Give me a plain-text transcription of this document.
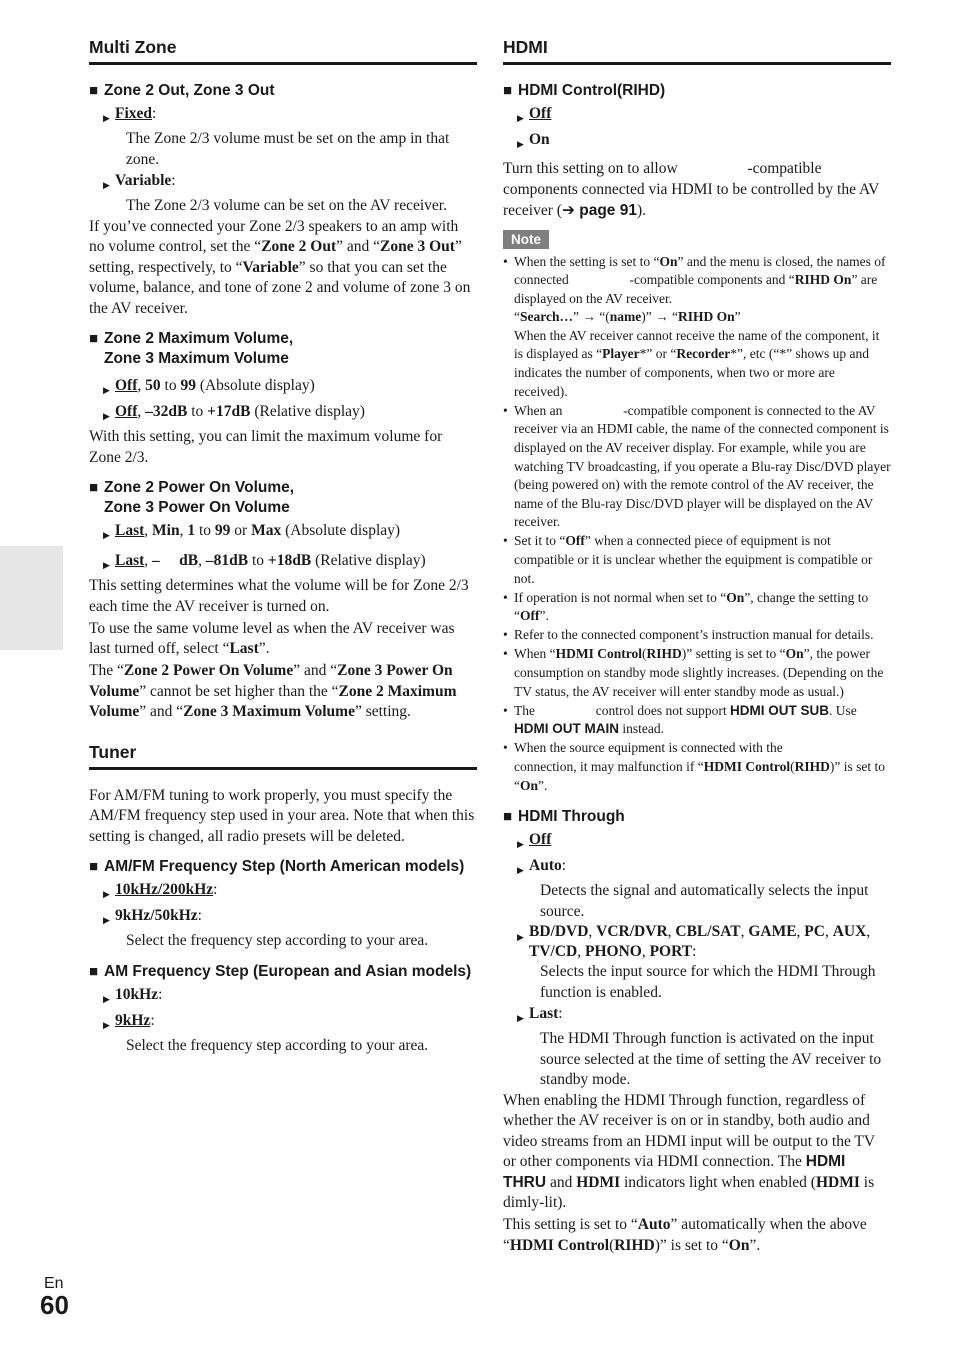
Multi Zone
■ Zone 2 Out, Zone 3 Out
▶ Fixed:
The Zone 2/3 volume must be set on the amp in that zone.
▶ Variable:
The Zone 2/3 volume can be set on the AV receiver.

If you’ve connected your Zone 2/3 speakers to an amp with no volume control, set the “Zone 2 Out” and “Zone 3 Out” setting, respectively, to “Variable” so that you can set the volume, balance, and tone of zone 2 and volume of zone 3 on the AV receiver.

■ Zone 2 Maximum Volume,
Zone 3 Maximum Volume
▶ Off, 50 to 99 (Absolute display)
▶ Off, –32dB to +17dB (Relative display)

With this setting, you can limit the maximum volume for Zone 2/3.

■ Zone 2 Power On Volume,
Zone 3 Power On Volume
▶ Last, Min, 1 to 99 or Max (Absolute display)
▶ Last, –     dB, –81dB to +18dB (Relative display)

This setting determines what the volume will be for Zone 2/3 each time the AV receiver is turned on.

To use the same volume level as when the AV receiver was last turned off, select “Last”.

The “Zone 2 Power On Volume” and “Zone 3 Power On Volume” cannot be set higher than the “Zone 2 Maximum Volume” and “Zone 3 Maximum Volume” setting.

Tuner

For AM/FM tuning to work properly, you must specify the AM/FM frequency step used in your area. Note that when this setting is changed, all radio presets will be deleted.

■ AM/FM Frequency Step (North American models)
▶ 10kHz/200kHz:
▶ 9kHz/50kHz:
Select the frequency step according to your area.
■ AM Frequency Step (European and Asian models)
▶ 10kHz:
▶ 9kHz:
Select the frequency step according to your area.
HDMI
■ HDMI Control(RIHD)
▶ Off
▶ On

Turn this setting on to allow                  -compatible components connected via HDMI to be controlled by the AV receiver (➔ page 91).

Note
• When the setting is set to “On” and the menu is closed, the names of connected                  -compatible components and “RIHD On” are displayed on the AV receiver.
“Search…” → “(name)” → “RIHD On”
When the AV receiver cannot receive the name of the component, it is displayed as “Player*” or “Recorder*”, etc (“*” shows up and indicates the number of components, when two or more are received).
• When an                  -compatible component is connected to the AV receiver via an HDMI cable, the name of the connected component is displayed on the AV receiver display. For example, while you are watching TV broadcasting, if you operate a Blu-ray Disc/DVD player (being powered on) with the remote control of the AV receiver, the name of the Blu-ray Disc/DVD player will be displayed on the AV receiver.
• Set it to “Off” when a connected piece of equipment is not compatible or it is unclear whether the equipment is compatible or not.
• If operation is not normal when set to “On”, change the setting to “Off”.
• Refer to the connected component’s instruction manual for details.
• When “HDMI Control(RIHD)” setting is set to “On”, the power consumption on standby mode slightly increases. (Depending on the TV status, the AV receiver will enter standby mode as usual.)
• The                  control does not support HDMI OUT SUB. Use HDMI OUT MAIN instead.
• When the source equipment is connected with the                  connection, it may malfunction if “HDMI Control(RIHD)” is set to “On”.
■ HDMI Through
▶ Off
▶ Auto:
Detects the signal and automatically selects the input source.
▶ BD/DVD, VCR/DVR, CBL/SAT, GAME, PC, AUX, TV/CD, PHONO, PORT:
Selects the input source for which the HDMI Through function is enabled.
▶ Last:
The HDMI Through function is activated on the input source selected at the time of setting the AV receiver to standby mode.

When enabling the HDMI Through function, regardless of whether the AV receiver is on or in standby, both audio and video streams from an HDMI input will be output to the TV or other components via HDMI connection. The HDMI THRU and HDMI indicators light when enabled (HDMI is dimly-lit).

This setting is set to “Auto” automatically when the above “HDMI Control(RIHD)” is set to “On”.

En
60
